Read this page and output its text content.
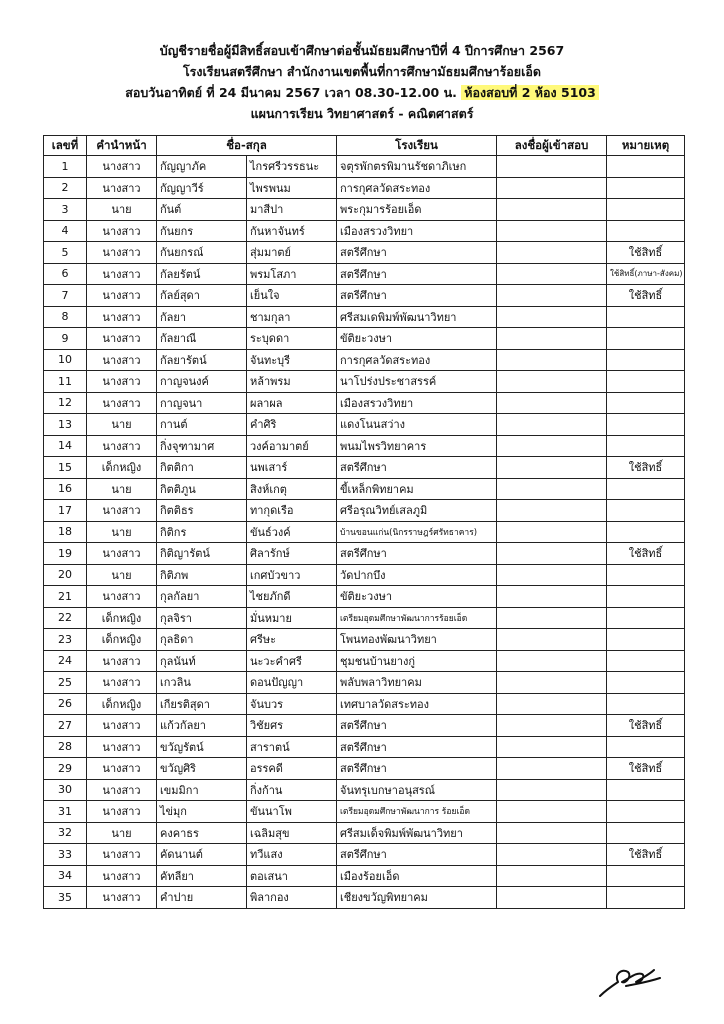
บัญชีรายชื่อผู้มีสิทธิ์สอบเข้าศึกษาต่อชั้นมัธยมศึกษาปีที่ 4 ปีการศึกษา 2567
โรงเรียนสตรีศึกษา สำนักงานเขตพื้นที่การศึกษามัธยมศึกษาร้อยเอ็ด
สอบวันอาทิตย์ ที่ 24 มีนาคม 2567 เวลา 08.30-12.00 น. ห้องสอบที่ 2 ห้อง 5103
แผนการเรียน วิทยาศาสตร์ - คณิตศาสตร์
เลขที่	คำนำหน้า	ชื่อ-สกุล		โรงเรียน	ลงชื่อผู้เข้าสอบ	หมายเหตุ
1	นางสาว	กัญญาภัค	ไกรศรีวรรธนะ	จตุรพักตรพิมานรัชดาภิเษก		
2	นางสาว	กัญญาวีร์	ไพรพนม	การกุศลวัดสระทอง		
3	นาย	กันต์	มาสีปา	พระกุมารร้อยเอ็ด		
4	นางสาว	กันยกร	กันหาจันทร์	เมืองสรวงวิทยา		
5	นางสาว	กันยกรณ์	สุ่มมาตย์	สตรีศึกษา		ใช้สิทธิ์
6	นางสาว	กัลยรัตน์	พรมโสภา	สตรีศึกษา		ใช้สิทธิ์(ภาษา-สังคม)
7	นางสาว	กัลย์สุดา	เย็นใจ	สตรีศึกษา		ใช้สิทธิ์
8	นางสาว	กัลยา	ชามกุลา	ศรีสมเดพิมพ์พัฒนาวิทยา		
9	นางสาว	กัลยาณี	ระบุดดา	ขัติยะวงษา		
10	นางสาว	กัลยารัตน์	จันทะบุรี	การกุศลวัดสระทอง		
11	นางสาว	กาญจนงค์	หล้าพรม	นาโปร่งประชาสรรค์		
12	นางสาว	กาญจนา	ผลาผล	เมืองสรวงวิทยา		
13	นาย	กานต์	คำศิริ	แดงโนนสว่าง		
14	นางสาว	กิ่งจุฑามาศ	วงค์อามาตย์	พนมไพรวิทยาคาร		
15	เด็กหญิง	กิตติกา	นพเสาร์	สตรีศึกษา		ใช้สิทธิ์
16	นาย	กิตติภูน	สิงห์เกตุ	ขี้เหล็กพิทยาคม		
17	นางสาว	กิตติธร	ทากุดเรือ	ศรีอรุณวิทย์เสลภูมิ		
18	นาย	กิติกร	ขันธ์วงค์	บ้านขอนแก่น(นิกรราษฎร์ศรัทธาคาร)		
19	นางสาว	กิติญารัตน์	ศิลารักษ์	สตรีศึกษา		ใช้สิทธิ์
20	นาย	กิติภพ	เกศบัวขาว	วัดปากบึง		
21	นางสาว	กุลกัลยา	ไชยภักดี	ขัติยะวงษา		
22	เด็กหญิง	กุลจิรา	มั่นหมาย	เตรียมอุดมศึกษาพัฒนาการร้อยเอ็ด		
23	เด็กหญิง	กุลธิดา	ศรีษะ	โพนทองพัฒนาวิทยา		
24	นางสาว	กุลนันท์	นะวะคำศรี	ชุมชนบ้านยางกู่		
25	นางสาว	เกวลิน	ดอนปัญญา	พลับพลาวิทยาคม		
26	เด็กหญิง	เกียรติสุดา	จันบวร	เทศบาลวัดสระทอง		
27	นางสาว	แก้วกัลยา	วิชัยศร	สตรีศึกษา		ใช้สิทธิ์
28	นางสาว	ขวัญรัตน์	สาราตน์	สตรีศึกษา		
29	นางสาว	ขวัญศิริ	อรรคดี	สตรีศึกษา		ใช้สิทธิ์
30	นางสาว	เขมมิกา	กิ่งก้าน	จันทรุเบกษาอนุสรณ์		
31	นางสาว	ไข่มุก	ขันนาโพ	เตรียมอุดมศึกษาพัฒนาการ ร้อยเอ็ด		
32	นาย	คงคาธร	เฉลิมสุข	ศรีสมเด็จพิมพ์พัฒนาวิทยา		
33	นางสาว	คัดนานต์	ทวีแสง	สตรีศึกษา		ใช้สิทธิ์
34	นางสาว	คัทลียา	ตอเสนา	เมืองร้อยเอ็ด		
35	นางสาว	คำปาย	พิลากอง	เชียงขวัญพิทยาคม		
